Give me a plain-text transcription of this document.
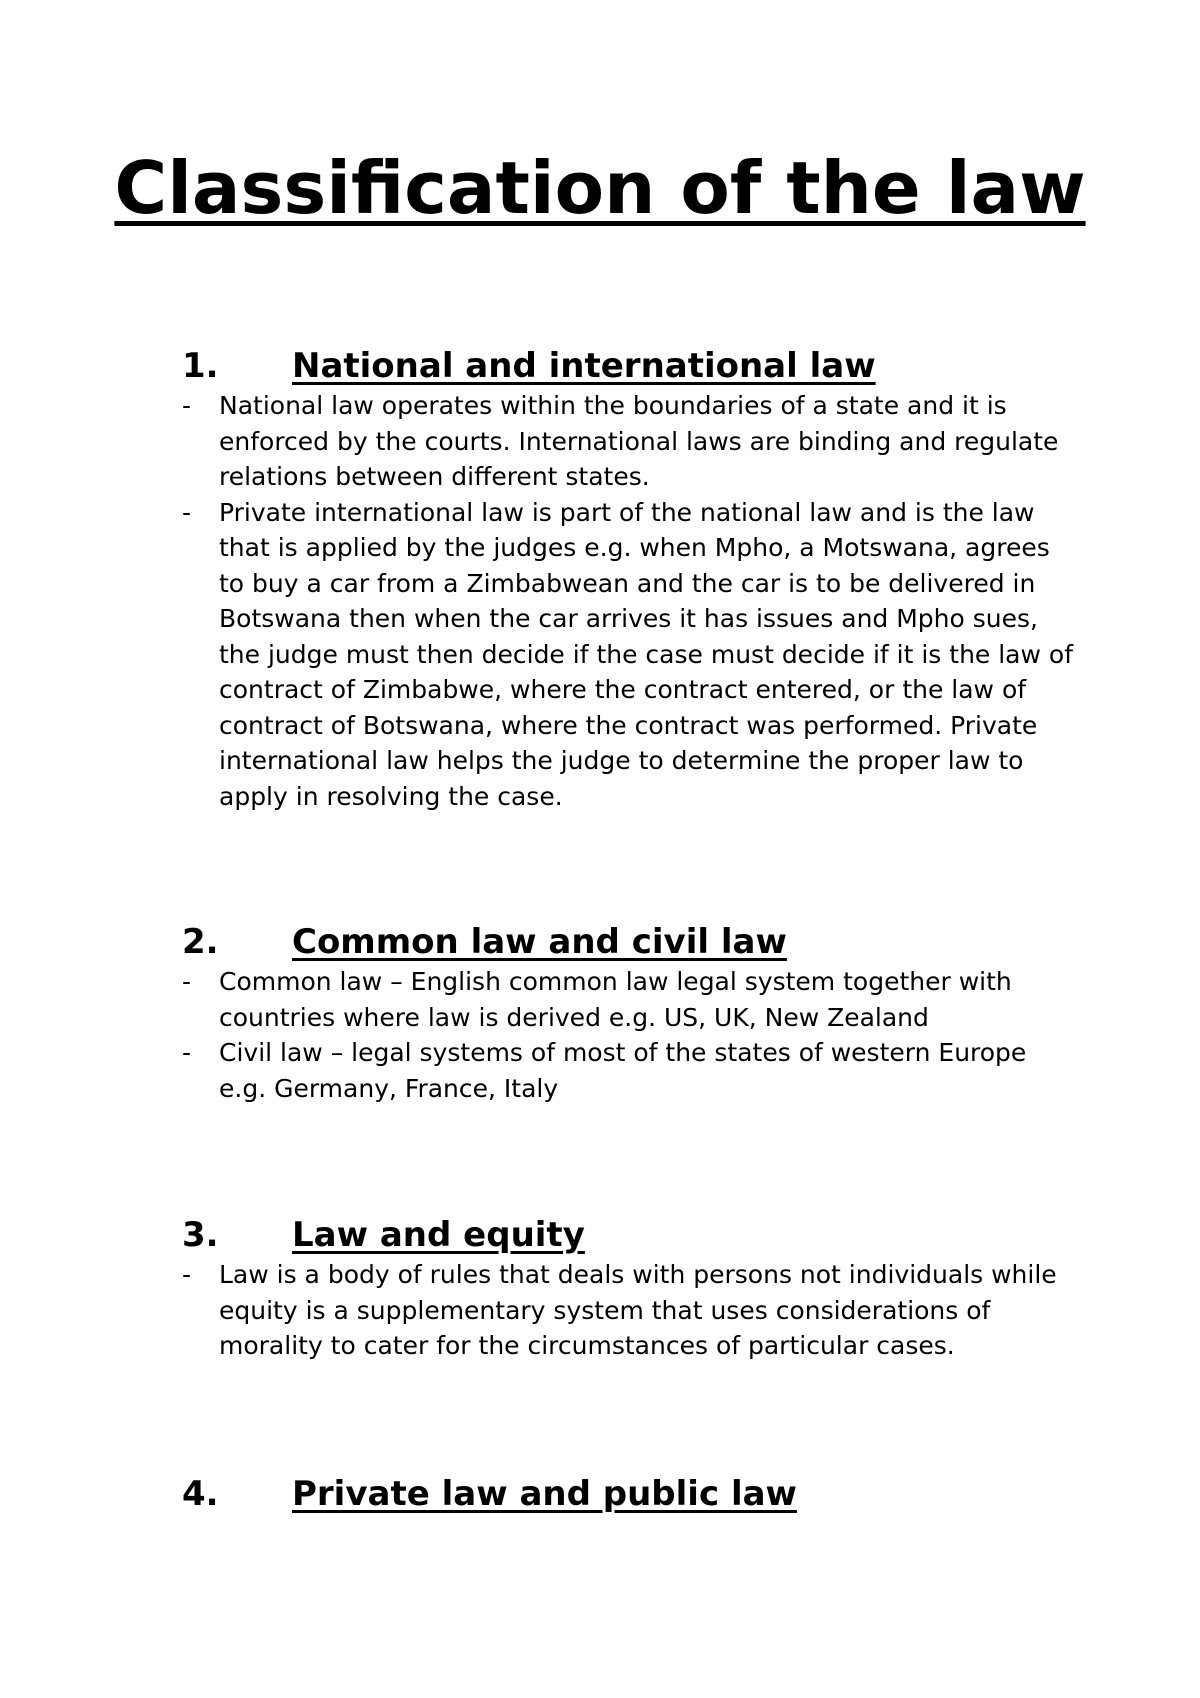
Classification of the law
1. National and international law
- National law operates within the boundaries of a state and it is enforced by the courts. International laws are binding and regulate relations between different states.
- Private international law is part of the national law and is the law that is applied by the judges e.g. when Mpho, a Motswana, agrees to buy a car from a Zimbabwean and the car is to be delivered in Botswana then when the car arrives it has issues and Mpho sues, the judge must then decide if the case must decide if it is the law of contract of Zimbabwe, where the contract entered, or the law of contract of Botswana, where the contract was performed. Private international law helps the judge to determine the proper law to apply in resolving the case.
2. Common law and civil law
- Common law – English common law legal system together with countries where law is derived e.g. US, UK, New Zealand
- Civil law – legal systems of most of the states of western Europe e.g. Germany, France, Italy
3. Law and equity
- Law is a body of rules that deals with persons not individuals while equity is a supplementary system that uses considerations of morality to cater for the circumstances of particular cases.
4. Private law and public law
